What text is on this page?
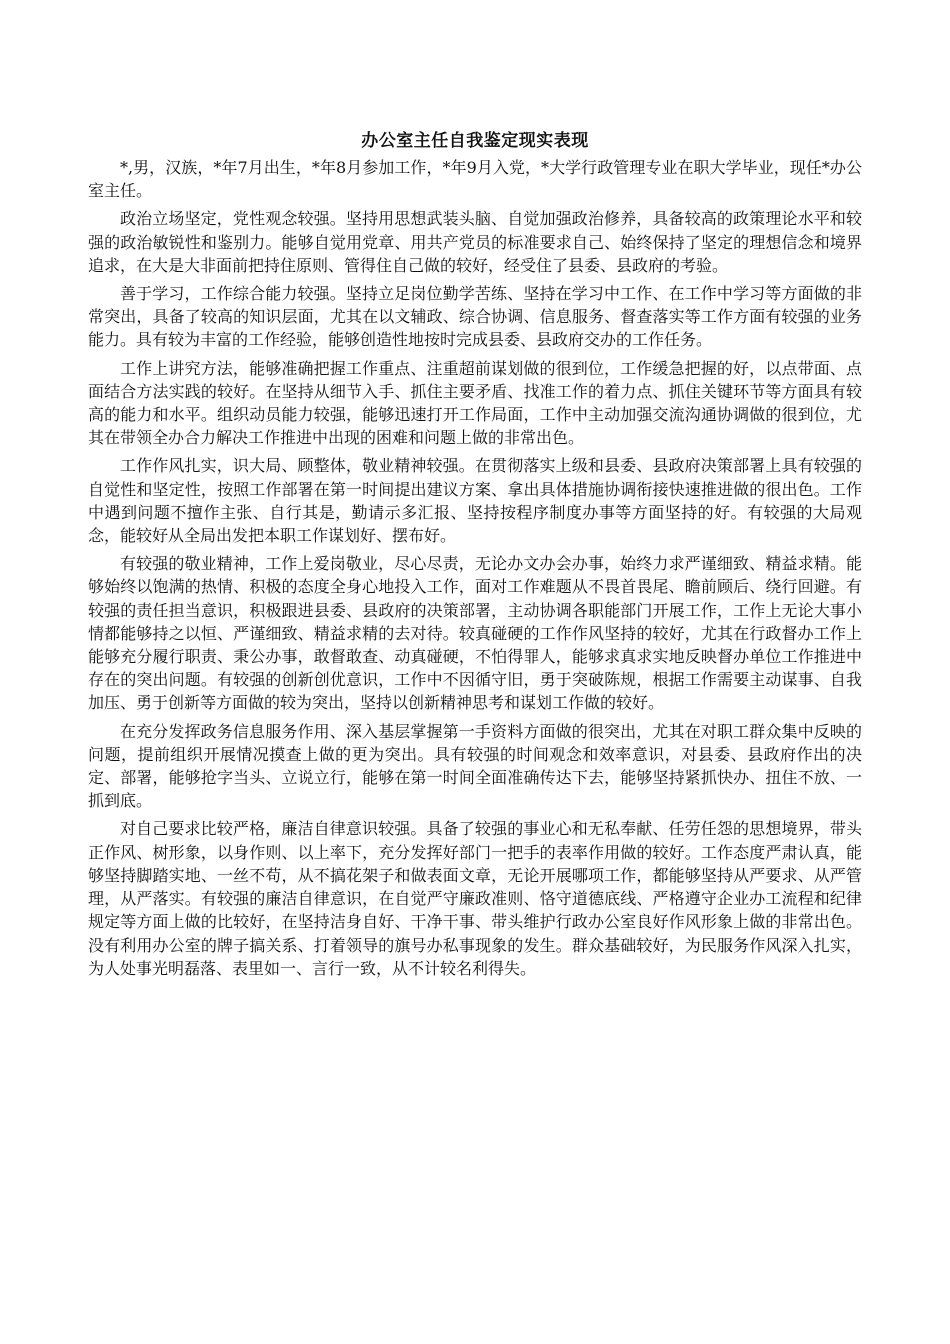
办公室主任自我鉴定现实表现

*,男，汉族，*年7月出生，*年8月参加工作，*年9月入党，*大学行政管理专业在职大学毕业，现任*办公室主任。

政治立场坚定，党性观念较强。坚持用思想武装头脑、自觉加强政治修养，具备较高的政策理论水平和较强的政治敏锐性和鉴别力。能够自觉用党章、用共产党员的标准要求自己、始终保持了坚定的理想信念和境界追求，在大是大非面前把持住原则、管得住自己做的较好，经受住了县委、县政府的考验。

善于学习，工作综合能力较强。坚持立足岗位勤学苦练、坚持在学习中工作、在工作中学习等方面做的非常突出，具备了较高的知识层面，尤其在以文辅政、综合协调、信息服务、督查落实等工作方面有较强的业务能力。具有较为丰富的工作经验，能够创造性地按时完成县委、县政府交办的工作任务。

工作上讲究方法，能够准确把握工作重点、注重超前谋划做的很到位，工作缓急把握的好，以点带面、点面结合方法实践的较好。在坚持从细节入手、抓住主要矛盾、找准工作的着力点、抓住关键环节等方面具有较高的能力和水平。组织动员能力较强，能够迅速打开工作局面，工作中主动加强交流沟通协调做的很到位，尤其在带领全办合力解决工作推进中出现的困难和问题上做的非常出色。

工作作风扎实，识大局、顾整体，敬业精神较强。在贯彻落实上级和县委、县政府决策部署上具有较强的自觉性和坚定性，按照工作部署在第一时间提出建议方案、拿出具体措施协调衔接快速推进做的很出色。工作中遇到问题不擅作主张、自行其是，勤请示多汇报、坚持按程序制度办事等方面坚持的好。有较强的大局观念，能较好从全局出发把本职工作谋划好、摆布好。

有较强的敬业精神，工作上爱岗敬业，尽心尽责，无论办文办会办事，始终力求严谨细致、精益求精。能够始终以饱满的热情、积极的态度全身心地投入工作，面对工作难题从不畏首畏尾、瞻前顾后、绕行回避。有较强的责任担当意识，积极跟进县委、县政府的决策部署，主动协调各职能部门开展工作，工作上无论大事小情都能够持之以恒、严谨细致、精益求精的去对待。较真碰硬的工作作风坚持的较好，尤其在行政督办工作上能够充分履行职责、秉公办事，敢督敢查、动真碰硬，不怕得罪人，能够求真求实地反映督办单位工作推进中存在的突出问题。有较强的创新创优意识，工作中不因循守旧，勇于突破陈规，根据工作需要主动谋事、自我加压、勇于创新等方面做的较为突出，坚持以创新精神思考和谋划工作做的较好。

在充分发挥政务信息服务作用、深入基层掌握第一手资料方面做的很突出，尤其在对职工群众集中反映的问题，提前组织开展情况摸查上做的更为突出。具有较强的时间观念和效率意识，对县委、县政府作出的决定、部署，能够抢字当头、立说立行，能够在第一时间全面准确传达下去，能够坚持紧抓快办、扭住不放、一抓到底。

对自己要求比较严格，廉洁自律意识较强。具备了较强的事业心和无私奉献、任劳任怨的思想境界，带头正作风、树形象，以身作则、以上率下，充分发挥好部门一把手的表率作用做的较好。工作态度严肃认真，能够坚持脚踏实地、一丝不苟，从不搞花架子和做表面文章，无论开展哪项工作，都能够坚持从严要求、从严管理，从严落实。有较强的廉洁自律意识，在自觉严守廉政准则、恪守道德底线、严格遵守企业办工流程和纪律规定等方面上做的比较好，在坚持洁身自好、干净干事、带头维护行政办公室良好作风形象上做的非常出色。没有利用办公室的牌子搞关系、打着领导的旗号办私事现象的发生。群众基础较好，为民服务作风深入扎实，为人处事光明磊落、表里如一、言行一致，从不计较名利得失。
